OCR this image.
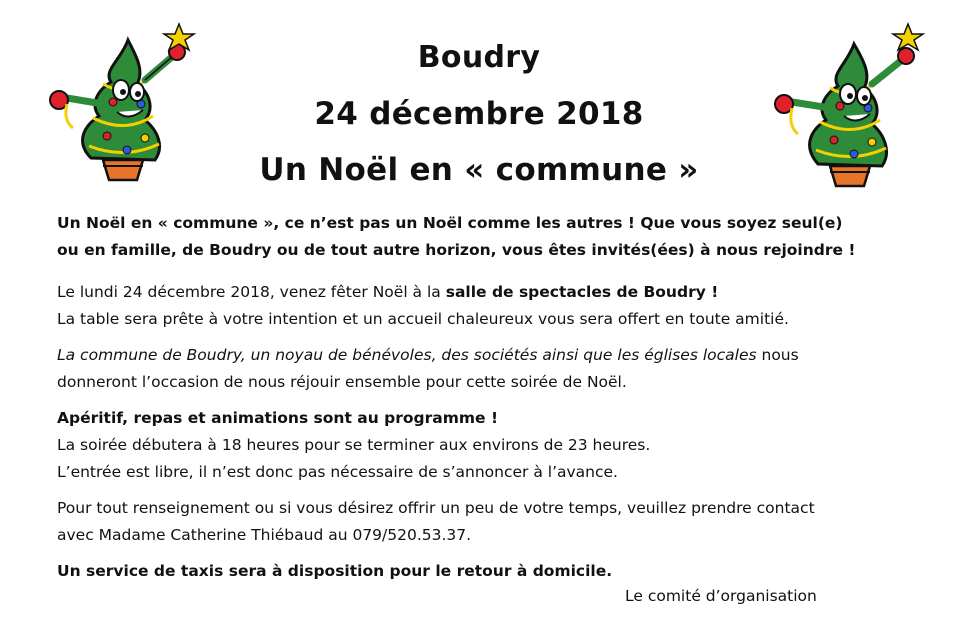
Boudry
24 décembre 2018
Un Noël en « commune »
Un Noël en « commune », ce n’est pas un Noël comme les autres ! Que vous soyez seul(e)
ou en famille, de Boudry ou de tout autre horizon, vous êtes invités(ées) à nous rejoindre !
Le lundi 24 décembre 2018, venez fêter Noël à la salle de spectacles de Boudry !
La table sera prête à votre intention et un accueil chaleureux vous sera offert en toute amitié.
La commune de Boudry, un noyau de bénévoles, des sociétés ainsi que les églises locales nous
donneront l’occasion de nous réjouir ensemble pour cette soirée de Noël.
Apéritif, repas et animations sont au programme !
La soirée débutera à 18 heures pour se terminer aux environs de 23 heures.
L’entrée est libre, il n’est donc pas nécessaire de s’annoncer à l’avance.
Pour tout renseignement ou si vous désirez offrir un peu de votre temps, veuillez prendre contact
avec Madame Catherine Thiébaud au 079/520.53.37.
Un service de taxis sera à disposition pour le retour à domicile.
Le comité d’organisation
